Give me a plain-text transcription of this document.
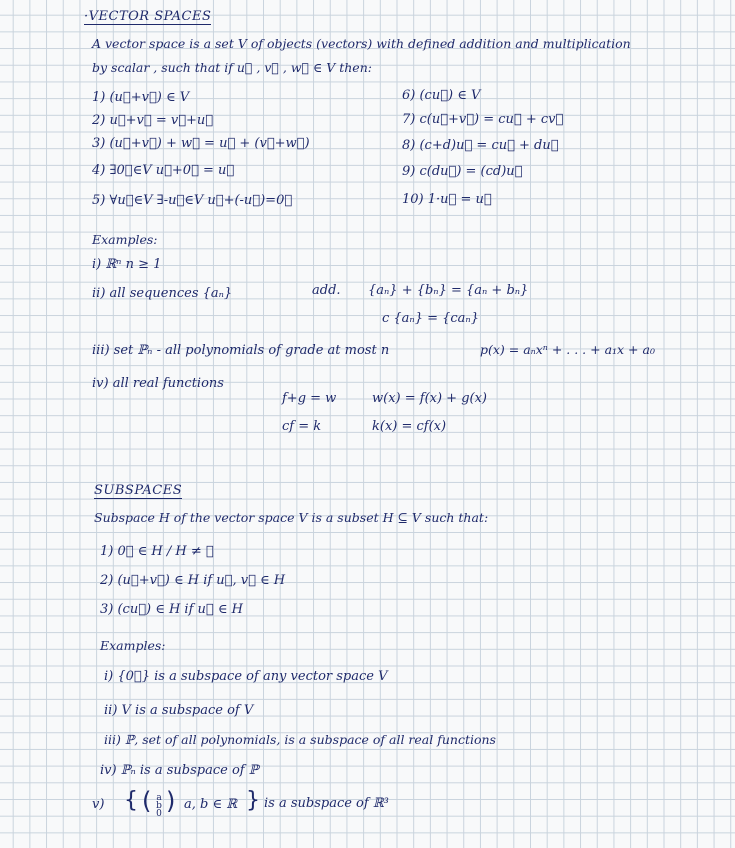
·VECTOR SPACES
A vector space is a set V of objects (vectors) with defined addition and multiplication
by scalar , such that if u⃗ , v⃗ , w⃗ ∈ V then:
1) (u⃗+v⃗) ∈ V
2) u⃗+v⃗ = v⃗+u⃗
3) (u⃗+v⃗) + w⃗ = u⃗ + (v⃗+w⃗)
4) ∃0⃗∈V u⃗+0⃗ = u⃗
5) ∀u⃗∈V ∃-u⃗∈V u⃗+(-u⃗)=0⃗
6) (cu⃗) ∈ V
7) c(u⃗+v⃗) = cu⃗ + cv⃗
8) (c+d)u⃗ = cu⃗ + du⃗
9) c(du⃗) = (cd)u⃗
10) 1·u⃗ = u⃗
Examples:
i) ℝⁿ n ≥ 1
ii) all sequences {aₙ}	add. {aₙ} + {bₙ} = {aₙ + bₙ}
c {aₙ} = {caₙ}
iii) set ℙₙ - all polynomials of grade at most n	p(x) = aₙxⁿ + . . . + a₁x + a₀
iv) all real functions
f+g = w	w(x) = f(x) + g(x)
cf = k	k(x) = cf(x)
SUBSPACES
Subspace H of the vector space V is a subset H ⊆ V such that:
1) 0⃗ ∈ H / H ≠ ∅
2) (u⃗+v⃗) ∈ H if u⃗, v⃗ ∈ H
3) (cu⃗) ∈ H if u⃗ ∈ H
Examples:
i) {0⃗} is a subspace of any vector space V
ii) V is a subspace of V
iii) ℙ, set of all polynomials, is a subspace of all real functions
iv) ℙₙ is a subspace of ℙ
v) { ( a
b
0 ) a, b ∈ ℝ } is a subspace of ℝ³
